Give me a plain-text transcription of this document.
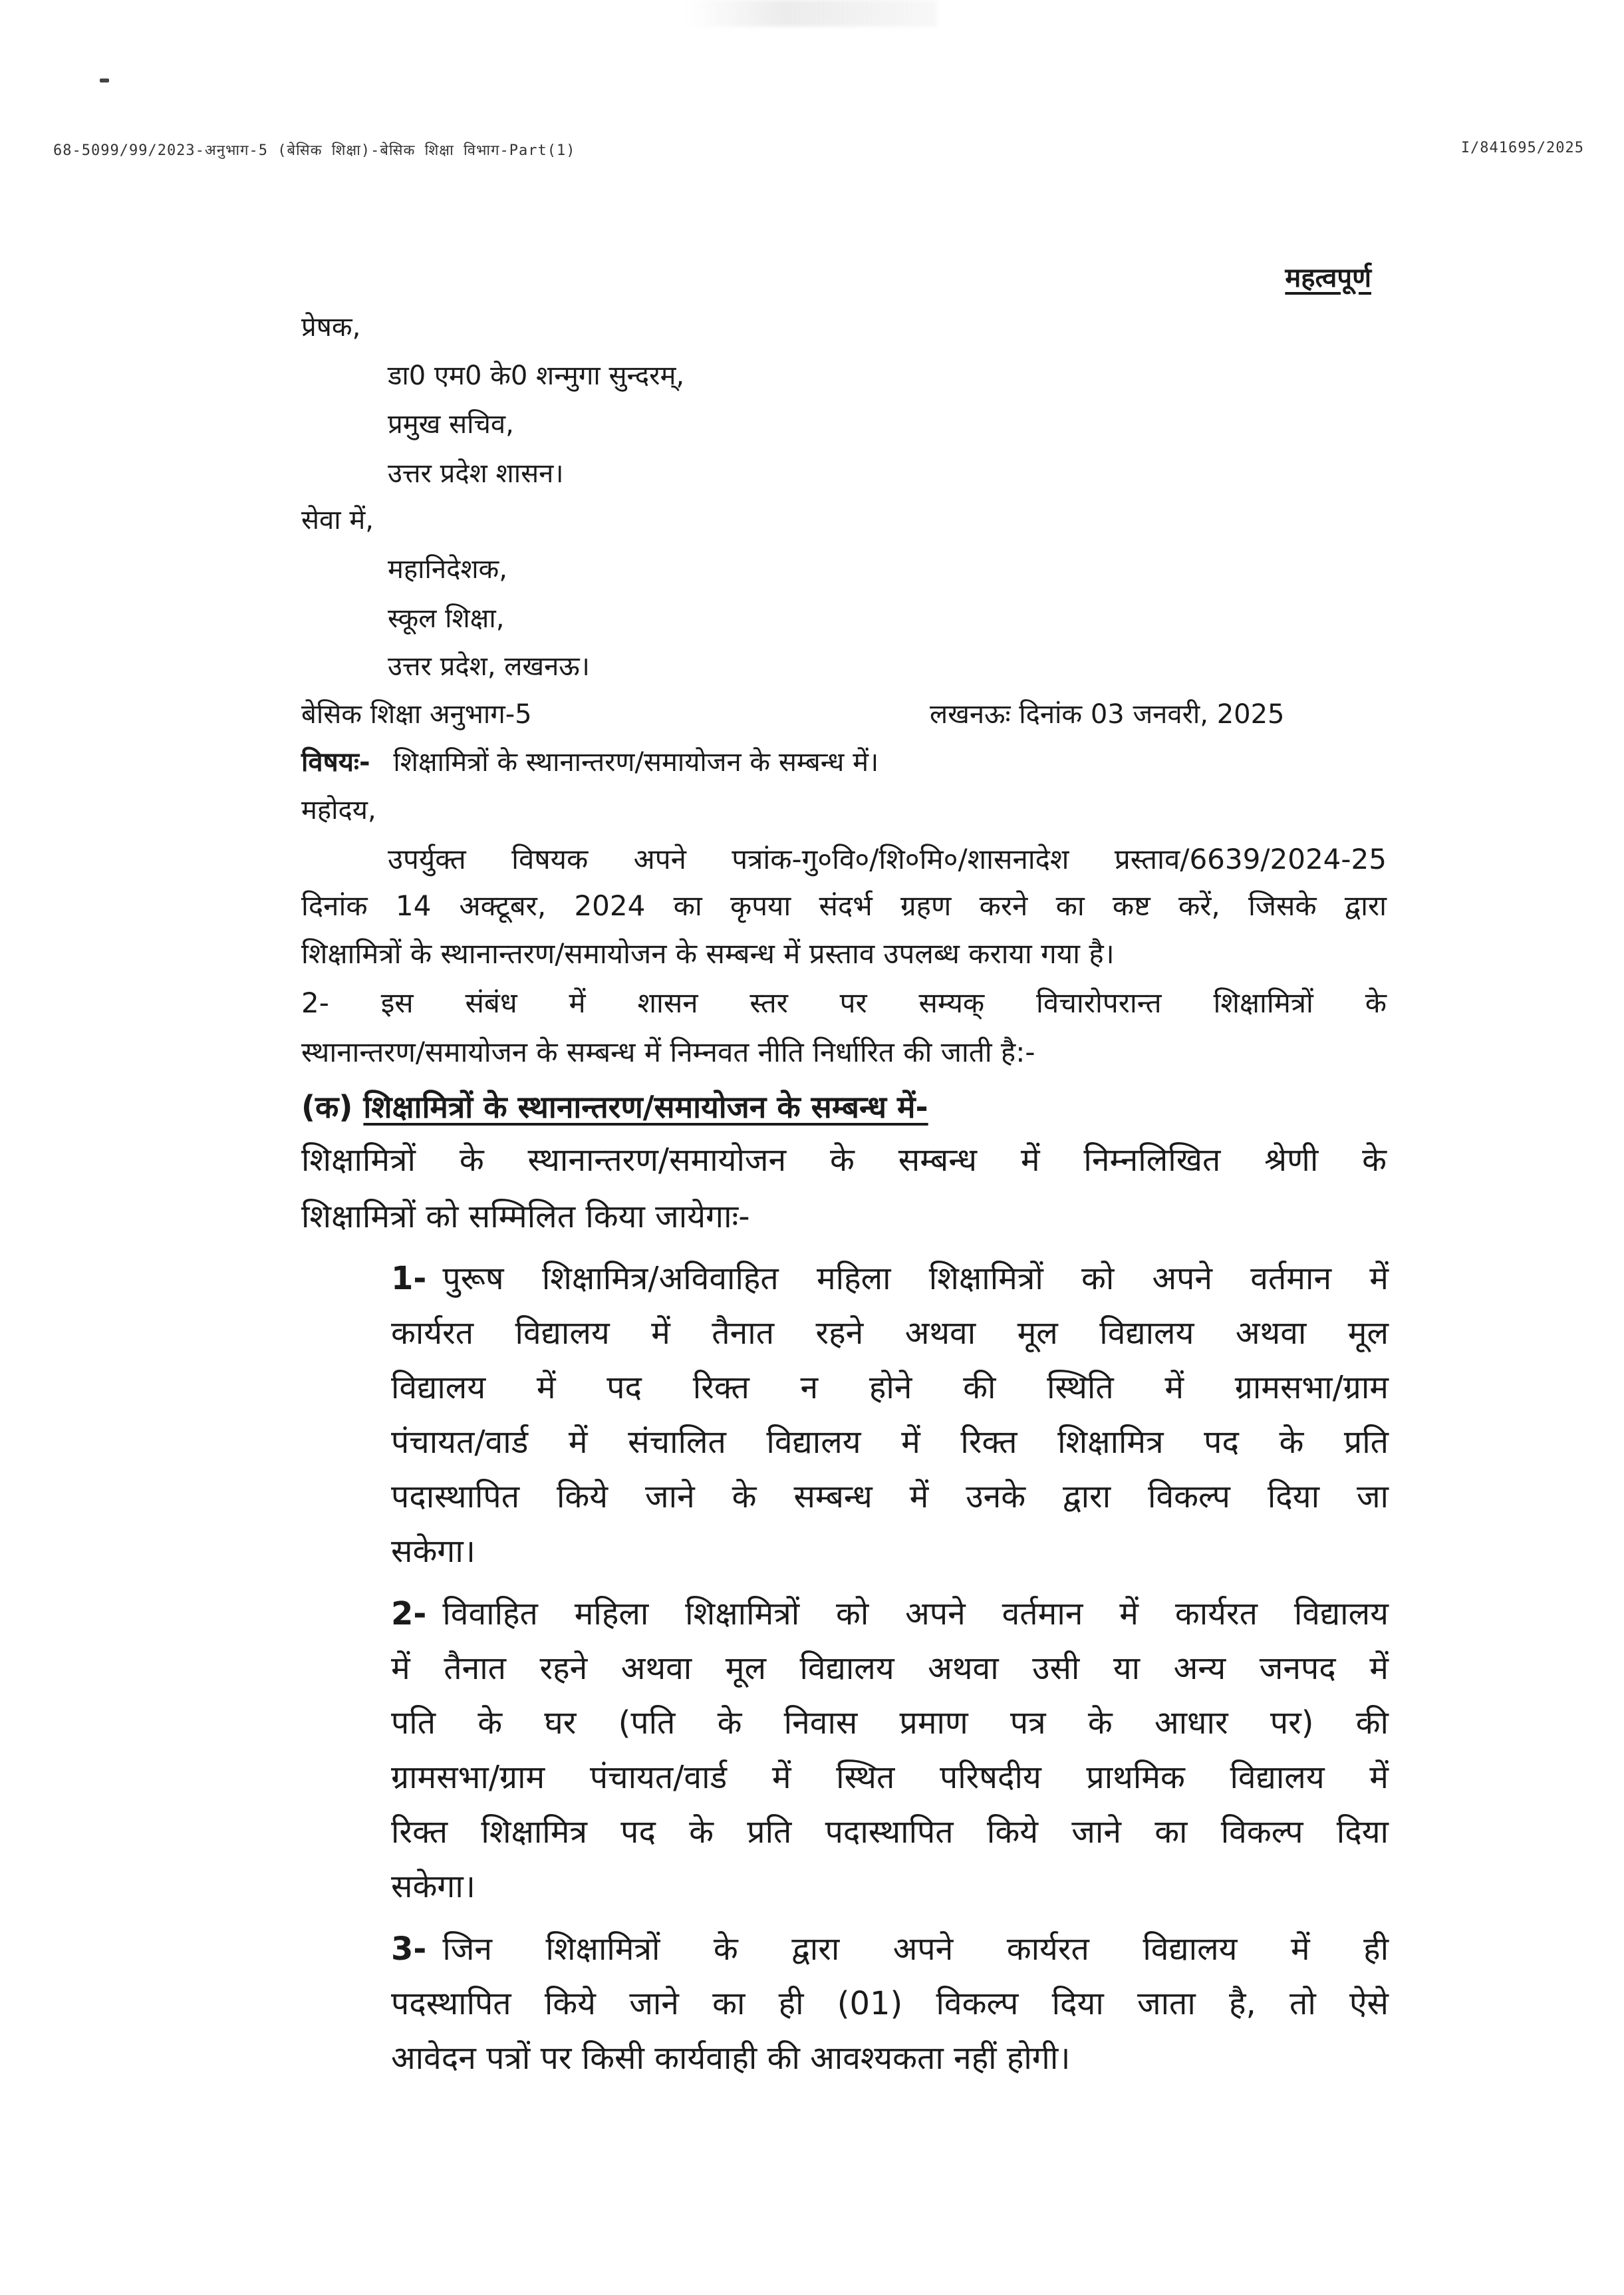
68-5099/99/2023-अनुभाग-5 (बेसिक शिक्षा)-बेसिक शिक्षा विभाग-Part(1)	I/841695/2025
महत्वपूर्ण
प्रेषक,
डा0 एम0 के0 शन्मुगा सुन्दरम्,
प्रमुख सचिव,
उत्तर प्रदेश शासन।
सेवा में,
महानिदेशक,
स्कूल शिक्षा,
उत्तर प्रदेश, लखनऊ।
बेसिक शिक्षा अनुभाग-5	लखनऊः दिनांक 03 जनवरी, 2025
विषयः- शिक्षामित्रों के स्थानान्तरण/समायोजन के सम्बन्ध में।
महोदय,
उपर्युक्त विषयक अपने पत्रांक-गु०वि०/शि०मि०/शासनादेश प्रस्ताव/6639/2024-25
दिनांक 14 अक्टूबर, 2024 का कृपया संदर्भ ग्रहण करने का कष्ट करें, जिसके द्वारा
शिक्षामित्रों के स्थानान्तरण/समायोजन के सम्बन्ध में प्रस्ताव उपलब्ध कराया गया है।
2- इस संबंध में शासन स्तर पर सम्यक् विचारोपरान्त शिक्षामित्रों के
स्थानान्तरण/समायोजन के सम्बन्ध में निम्नवत नीति निर्धारित की जाती है:-
(क) शिक्षामित्रों के स्थानान्तरण/समायोजन के सम्बन्ध में-
शिक्षामित्रों के स्थानान्तरण/समायोजन के सम्बन्ध में निम्नलिखित श्रेणी के
शिक्षामित्रों को सम्मिलित किया जायेगाः-
1- पुरूष शिक्षामित्र/अविवाहित महिला शिक्षामित्रों को अपने वर्तमान में
कार्यरत विद्यालय में तैनात रहने अथवा मूल विद्यालय अथवा मूल
विद्यालय में पद रिक्त न होने की स्थिति में ग्रामसभा/ग्राम
पंचायत/वार्ड में संचालित विद्यालय में रिक्त शिक्षामित्र पद के प्रति
पदास्थापित किये जाने के सम्बन्ध में उनके द्वारा विकल्प दिया जा
सकेगा।
2- विवाहित महिला शिक्षामित्रों को अपने वर्तमान में कार्यरत विद्यालय
में तैनात रहने अथवा मूल विद्यालय अथवा उसी या अन्य जनपद में
पति के घर (पति के निवास प्रमाण पत्र के आधार पर) की
ग्रामसभा/ग्राम पंचायत/वार्ड में स्थित परिषदीय प्राथमिक विद्यालय में
रिक्त शिक्षामित्र पद के प्रति पदास्थापित किये जाने का विकल्प दिया
सकेगा।
3- जिन शिक्षामित्रों के द्वारा अपने कार्यरत विद्यालय में ही
पदस्थापित किये जाने का ही (01) विकल्प दिया जाता है, तो ऐसे
आवेदन पत्रों पर किसी कार्यवाही की आवश्यकता नहीं होगी।
